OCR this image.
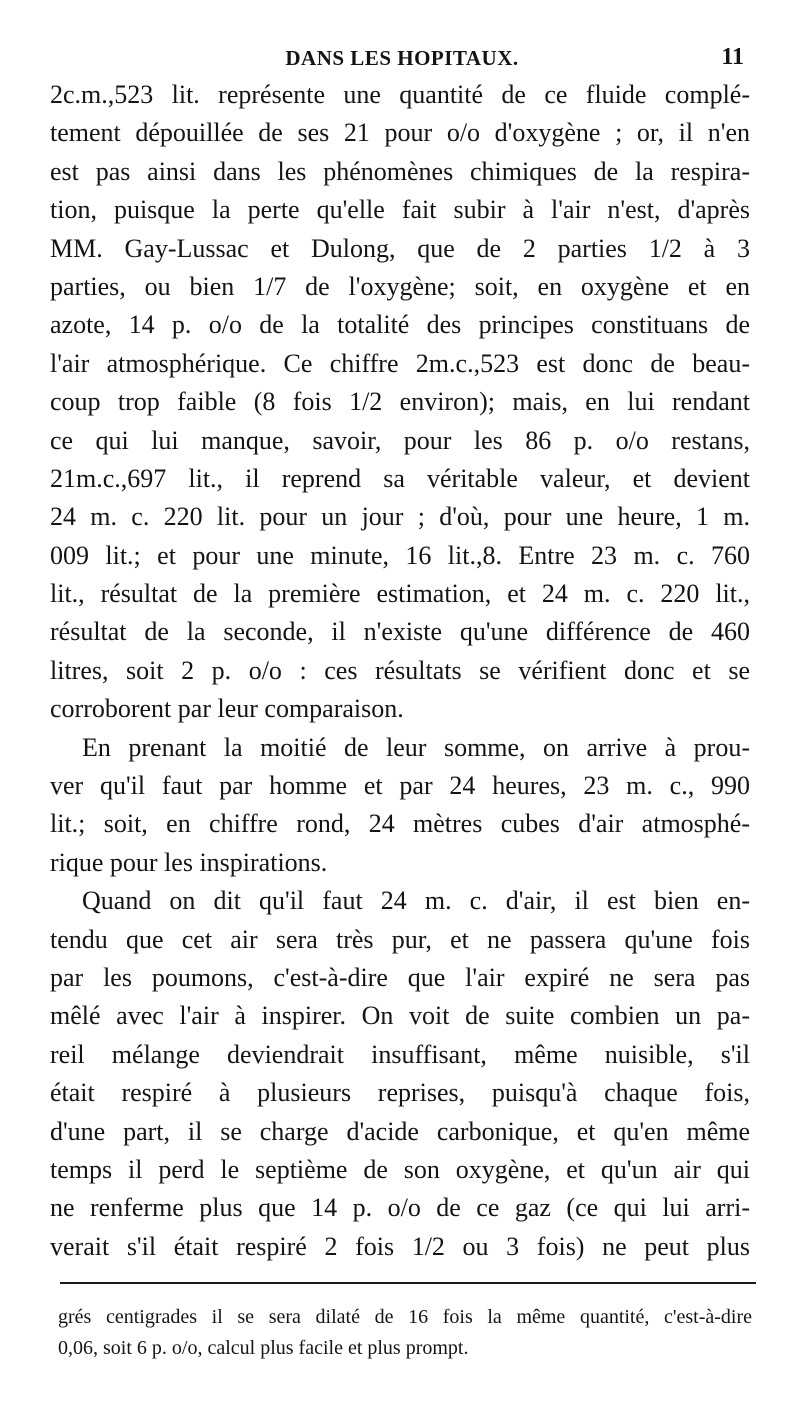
DANS LES HOPITAUX.	11
2c.m.,523 lit. représente une quantité de ce fluide complé-
tement dépouillée de ses 21 pour o/o d'oxygène ; or, il n'en
est pas ainsi dans les phénomènes chimiques de la respira-
tion, puisque la perte qu'elle fait subir à l'air n'est, d'après
MM. Gay-Lussac et Dulong, que de 2 parties 1/2 à 3
parties, ou bien 1/7 de l'oxygène; soit, en oxygène et en
azote, 14 p. o/o de la totalité des principes constituans de
l'air atmosphérique. Ce chiffre 2m.c.,523 est donc de beau-
coup trop faible (8 fois 1/2 environ); mais, en lui rendant
ce qui lui manque, savoir, pour les 86 p. o/o restans,
21m.c.,697 lit., il reprend sa véritable valeur, et devient
24 m. c. 220 lit. pour un jour ; d'où, pour une heure, 1 m.
009 lit.; et pour une minute, 16 lit.,8. Entre 23 m. c. 760
lit., résultat de la première estimation, et 24 m. c. 220 lit.,
résultat de la seconde, il n'existe qu'une différence de 460
litres, soit 2 p. o/o : ces résultats se vérifient donc et se
corroborent par leur comparaison.
En prenant la moitié de leur somme, on arrive à prou-
ver qu'il faut par homme et par 24 heures, 23 m. c., 990
lit.; soit, en chiffre rond, 24 mètres cubes d'air atmosphé-
rique pour les inspirations.
Quand on dit qu'il faut 24 m. c. d'air, il est bien en-
tendu que cet air sera très pur, et ne passera qu'une fois
par les poumons, c'est-à-dire que l'air expiré ne sera pas
mêlé avec l'air à inspirer. On voit de suite combien un pa-
reil mélange deviendrait insuffisant, même nuisible, s'il
était respiré à plusieurs reprises, puisqu'à chaque fois,
d'une part, il se charge d'acide carbonique, et qu'en même
temps il perd le septième de son oxygène, et qu'un air qui
ne renferme plus que 14 p. o/o de ce gaz (ce qui lui arri-
verait s'il était respiré 2 fois 1/2 ou 3 fois) ne peut plus
grés centigrades il se sera dilaté de 16 fois la même quantité, c'est-à-dire
0,06, soit 6 p. o/o, calcul plus facile et plus prompt.
